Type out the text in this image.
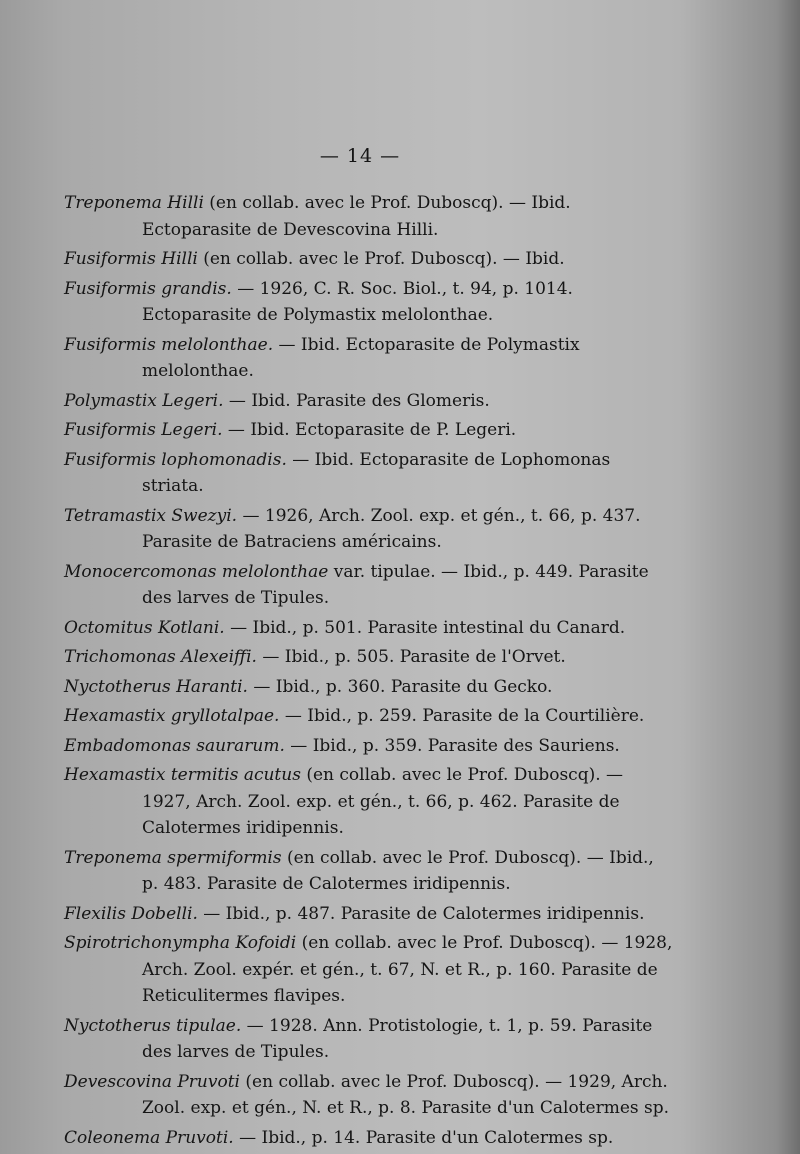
— 14 —

Treponema Hilli (en collab. avec le Prof. Duboscq). — Ibid. Ectoparasite de Devescovina Hilli.

Fusiformis Hilli (en collab. avec le Prof. Duboscq). — Ibid.

Fusiformis grandis. — 1926, C. R. Soc. Biol., t. 94, p. 1014. Ectoparasite de Polymastix melolonthae.

Fusiformis melolonthae. — Ibid. Ectoparasite de Polymastix melolonthae.

Polymastix Legeri. — Ibid. Parasite des Glomeris.

Fusiformis Legeri. — Ibid. Ectoparasite de P. Legeri.

Fusiformis lophomonadis. — Ibid. Ectoparasite de Lophomonas striata.

Tetramastix Swezyi. — 1926, Arch. Zool. exp. et gén., t. 66, p. 437. Parasite de Batraciens américains.

Monocercomonas melolonthae var. tipulae. — Ibid., p. 449. Parasite des larves de Tipules.

Octomitus Kotlani. — Ibid., p. 501. Parasite intestinal du Canard.

Trichomonas Alexeiffi. — Ibid., p. 505. Parasite de l'Orvet.

Nyctotherus Haranti. — Ibid., p. 360. Parasite du Gecko.

Hexamastix gryllotalpae. — Ibid., p. 259. Parasite de la Courtilière.

Embadomonas saurarum. — Ibid., p. 359. Parasite des Sauriens.

Hexamastix termitis acutus (en collab. avec le Prof. Duboscq). — 1927, Arch. Zool. exp. et gén., t. 66, p. 462. Parasite de Calotermes iridipennis.

Treponema spermiformis (en collab. avec le Prof. Duboscq). — Ibid., p. 483. Parasite de Calotermes iridipennis.

Flexilis Dobelli. — Ibid., p. 487. Parasite de Calotermes iridipennis.

Spirotrichonympha Kofoidi (en collab. avec le Prof. Duboscq). — 1928, Arch. Zool. expér. et gén., t. 67, N. et R., p. 160. Parasite de Reticulitermes flavipes.

Nyctotherus tipulae. — 1928. Ann. Protistologie, t. 1, p. 59. Parasite des larves de Tipules.

Devescovina Pruvoti (en collab. avec le Prof. Duboscq). — 1929, Arch. Zool. exp. et gén., N. et R., p. 8. Parasite d'un Calotermes sp.

Coleonema Pruvoti. — Ibid., p. 14. Parasite d'un Calotermes sp.
